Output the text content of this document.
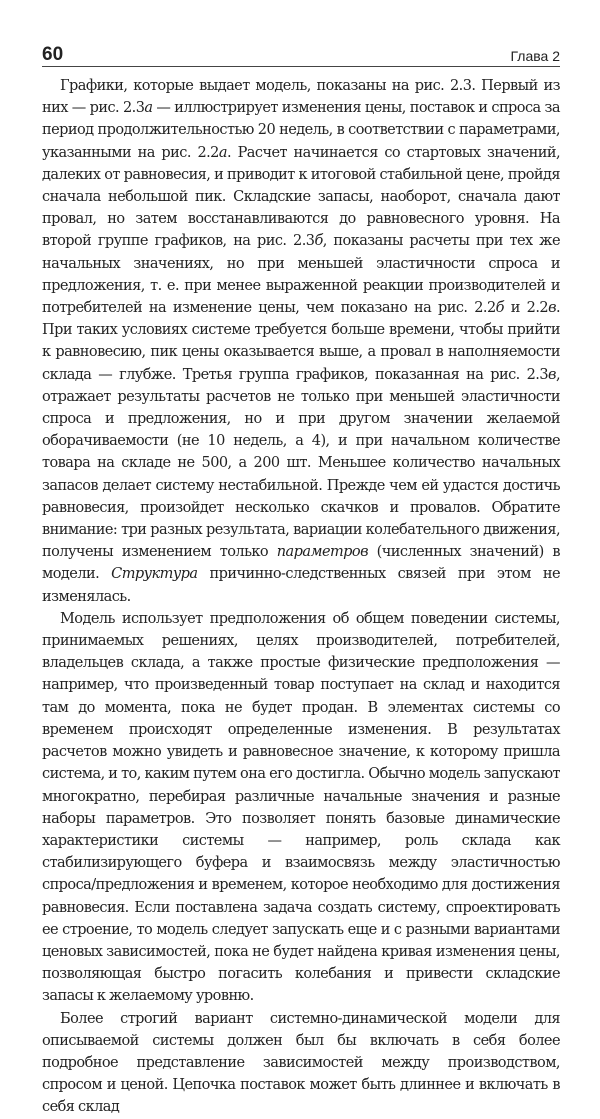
60	Глава 2

Графики, которые выдает модель, показаны на рис. 2.3. Первый из них — рис. 2.3а — иллюстрирует изменения цены, поставок и спроса за период продолжительностью 20 недель, в соответствии с параметрами, указанными на рис. 2.2а. Расчет начинается со стартовых значений, далеких от равновесия, и приводит к итоговой стабильной цене, пройдя сначала небольшой пик. Складские запасы, наоборот, сначала дают провал, но затем восстанавливаются до равновесного уровня. На второй группе графиков, на рис. 2.3б, показаны расчеты при тех же начальных значениях, но при меньшей эластичности спроса и предложения, т. е. при менее выраженной реакции производителей и потребителей на изменение цены, чем показано на рис. 2.2б и 2.2в. При таких условиях системе требуется больше времени, чтобы прийти к равновесию, пик цены оказывается выше, а провал в наполняемости склада — глубже. Третья группа графиков, показанная на рис. 2.3в, отражает результаты расчетов не только при меньшей эластичности спроса и предложения, но и при другом значении желаемой оборачиваемости (не 10 недель, а 4), и при начальном количестве товара на складе не 500, а 200 шт. Меньшее количество начальных запасов делает систему нестабильной. Прежде чем ей удастся достичь равновесия, произойдет несколько скачков и провалов. Обратите внимание: три разных результата, вариации колебательного движения, получены изменением только параметров (численных значений) в модели. Структура причинно-следственных связей при этом не изменялась.

Модель использует предположения об общем поведении системы, принимаемых решениях, целях производителей, потребителей, владельцев склада, а также простые физические предположения — например, что произведенный товар поступает на склад и находится там до момента, пока не будет продан. В элементах системы со временем происходят определенные изменения. В результатах расчетов можно увидеть и равновесное значение, к которому пришла система, и то, каким путем она его достигла. Обычно модель запускают многократно, перебирая различные начальные значения и разные наборы параметров. Это позволяет понять базовые динамические характеристики системы — например, роль склада как стабилизирующего буфера и взаимосвязь между эластичностью спроса/предложения и временем, которое необходимо для достижения равновесия. Если поставлена задача создать систему, спроектировать ее строение, то модель следует запускать еще и с разными вариантами ценовых зависимостей, пока не будет найдена кривая изменения цены, позволяющая быстро погасить колебания и привести складские запасы к желаемому уровню.

Более строгий вариант системно-динамической модели для описываемой системы должен был бы включать в себя более подробное представление зависимостей между производством, спросом и ценой. Цепочка поставок может быть длиннее и включать в себя склад
